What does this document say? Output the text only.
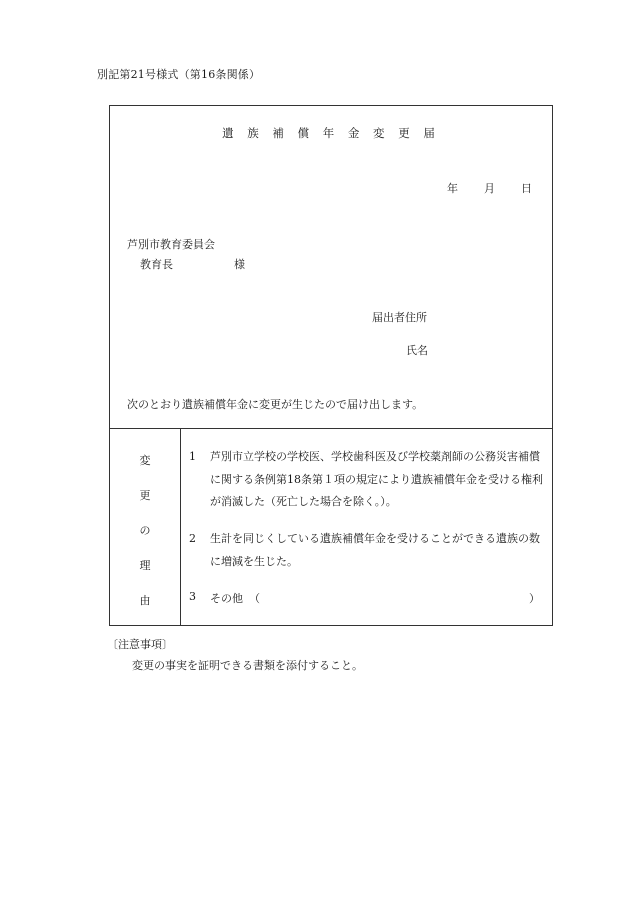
別記第21号様式（第16条関係）
遺 族 補 償 年 金 変 更 届
年 月 日
芦別市教育委員会
教育長	様
届出者住所
氏名
次のとおり遺族補償年金に変更が生じたので届け出します。
変
更
の
理
由
1	芦別市立学校の学校医、学校歯科医及び学校薬剤師の公務災害補償に関する条例第18条第１項の規定により遺族補償年金を受ける権利が消滅した（死亡した場合を除く。）。
2	生計を同じくしている遺族補償年金を受けることができる遺族の数に増減を生じた。
3	その他 （	）
〔注意事項〕
変更の事実を証明できる書類を添付すること。
